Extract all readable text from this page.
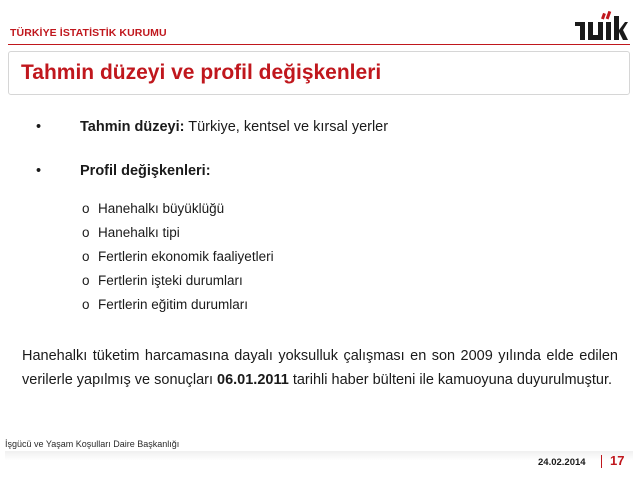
TÜRKİYE İSTATİSTİK KURUMU
Tahmin düzeyi ve profil değişkenleri
•	Tahmin düzeyi: Türkiye, kentsel ve kırsal yerler
•	Profil değişkenleri:
o Hanehalkı büyüklüğü
o Hanehalkı tipi
o Fertlerin ekonomik faaliyetleri
o Fertlerin işteki durumları
o Fertlerin eğitim durumları

Hanehalkı tüketim harcamasına dayalı yoksulluk çalışması en son 2009 yılında elde edilen verilerle yapılmış ve sonuçları 06.01.2011 tarihli haber bülteni ile kamuoyuna duyurulmuştur.

İşgücü ve Yaşam Koşulları Daire Başkanlığı
24.02.2014 17
